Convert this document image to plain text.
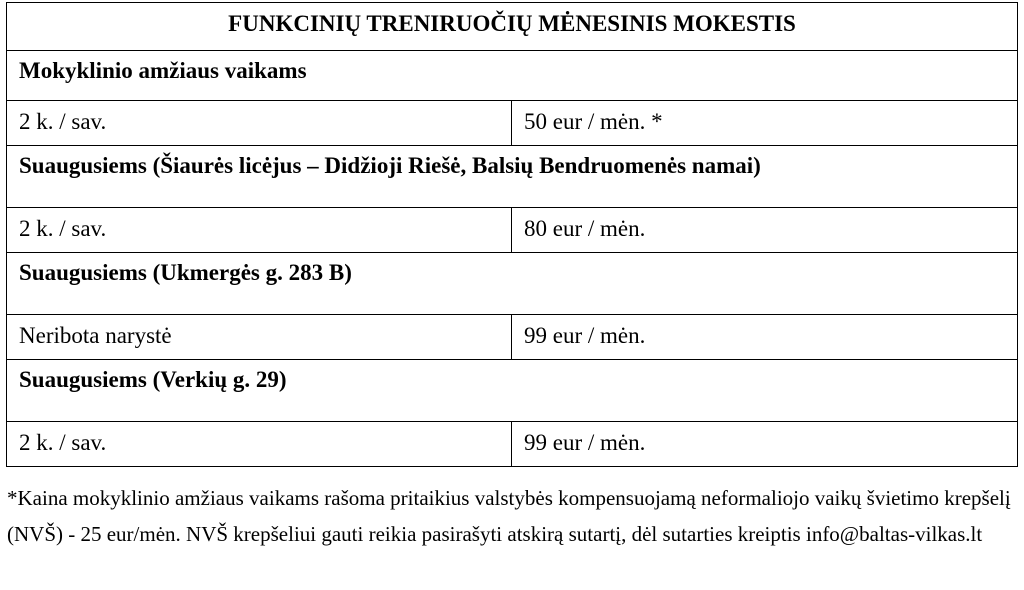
FUNKCINIŲ TRENIRUOČIŲ MĖNESINIS MOKESTIS	
Mokyklinio amžiaus vaikams	
2 k. / sav.	50 eur / mėn. *
Suaugusiems (Šiaurės licėjus – Didžioji Riešė, Balsių Bendruomenės namai)	
2 k. / sav.	80 eur / mėn.
Suaugusiems (Ukmergės g. 283 B)	
Neribota narystė	99 eur / mėn.
Suaugusiems (Verkių g. 29)	
2 k. / sav.	99 eur / mėn.

*Kaina mokyklinio amžiaus vaikams rašoma pritaikius valstybės kompensuojamą neformaliojo vaikų švietimo krepšelį (NVŠ) - 25 eur/mėn. NVŠ krepšeliui gauti reikia pasirašyti atskirą sutartį, dėl sutarties kreiptis info@baltas-vilkas.lt
